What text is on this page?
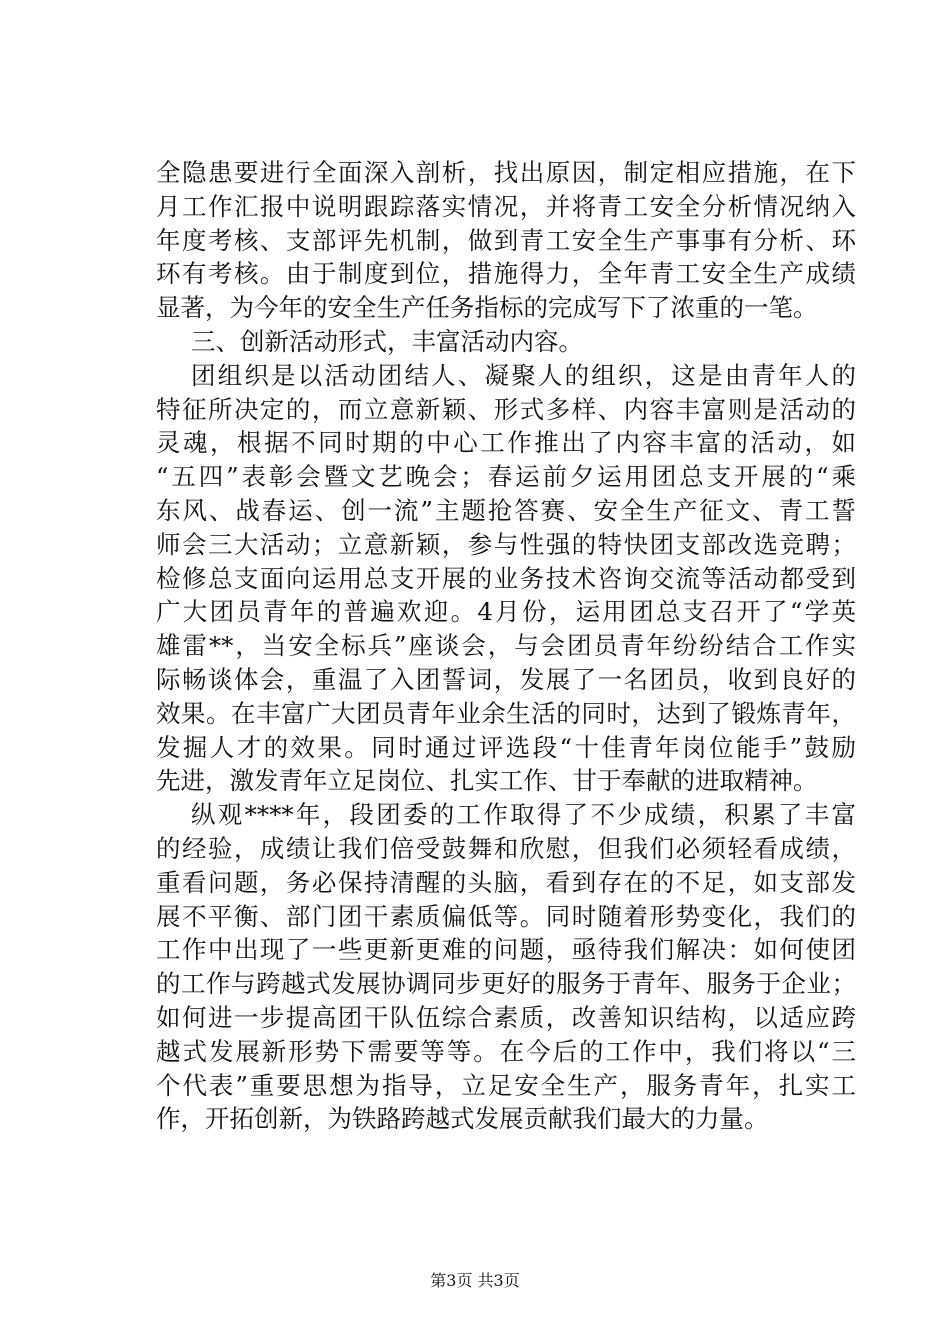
全隐患要进行全面深入剖析，找出原因，制定相应措施，在下
月工作汇报中说明跟踪落实情况，并将青工安全分析情况纳入
年度考核、支部评先机制，做到青工安全生产事事有分析、环
环有考核。由于制度到位，措施得力，全年青工安全生产成绩
显著，为今年的安全生产任务指标的完成写下了浓重的一笔。
三、创新活动形式，丰富活动内容。
团组织是以活动团结人、凝聚人的组织，这是由青年人的
特征所决定的，而立意新颖、形式多样、内容丰富则是活动的
灵魂，根据不同时期的中心工作推出了内容丰富的活动，如
“五四”表彰会暨文艺晚会；春运前夕运用团总支开展的“乘
东风、战春运、创一流”主题抢答赛、安全生产征文、青工誓
师会三大活动；立意新颖，参与性强的特快团支部改选竞聘；
检修总支面向运用总支开展的业务技术咨询交流等活动都受到
广大团员青年的普遍欢迎。4月份，运用团总支召开了“学英
雄雷**，当安全标兵”座谈会，与会团员青年纷纷结合工作实
际畅谈体会，重温了入团誓词，发展了一名团员，收到良好的
效果。在丰富广大团员青年业余生活的同时，达到了锻炼青年，
发掘人才的效果。同时通过评选段“十佳青年岗位能手”鼓励
先进，激发青年立足岗位、扎实工作、甘于奉献的进取精神。
纵观****年，段团委的工作取得了不少成绩，积累了丰富
的经验，成绩让我们倍受鼓舞和欣慰，但我们必须轻看成绩，
重看问题，务必保持清醒的头脑，看到存在的不足，如支部发
展不平衡、部门团干素质偏低等。同时随着形势变化，我们的
工作中出现了一些更新更难的问题，亟待我们解决：如何使团
的工作与跨越式发展协调同步更好的服务于青年、服务于企业；
如何进一步提高团干队伍综合素质，改善知识结构，以适应跨
越式发展新形势下需要等等。在今后的工作中，我们将以“三
个代表”重要思想为指导，立足安全生产，服务青年，扎实工
作，开拓创新，为铁路跨越式发展贡献我们最大的力量。
第3页 共3页
